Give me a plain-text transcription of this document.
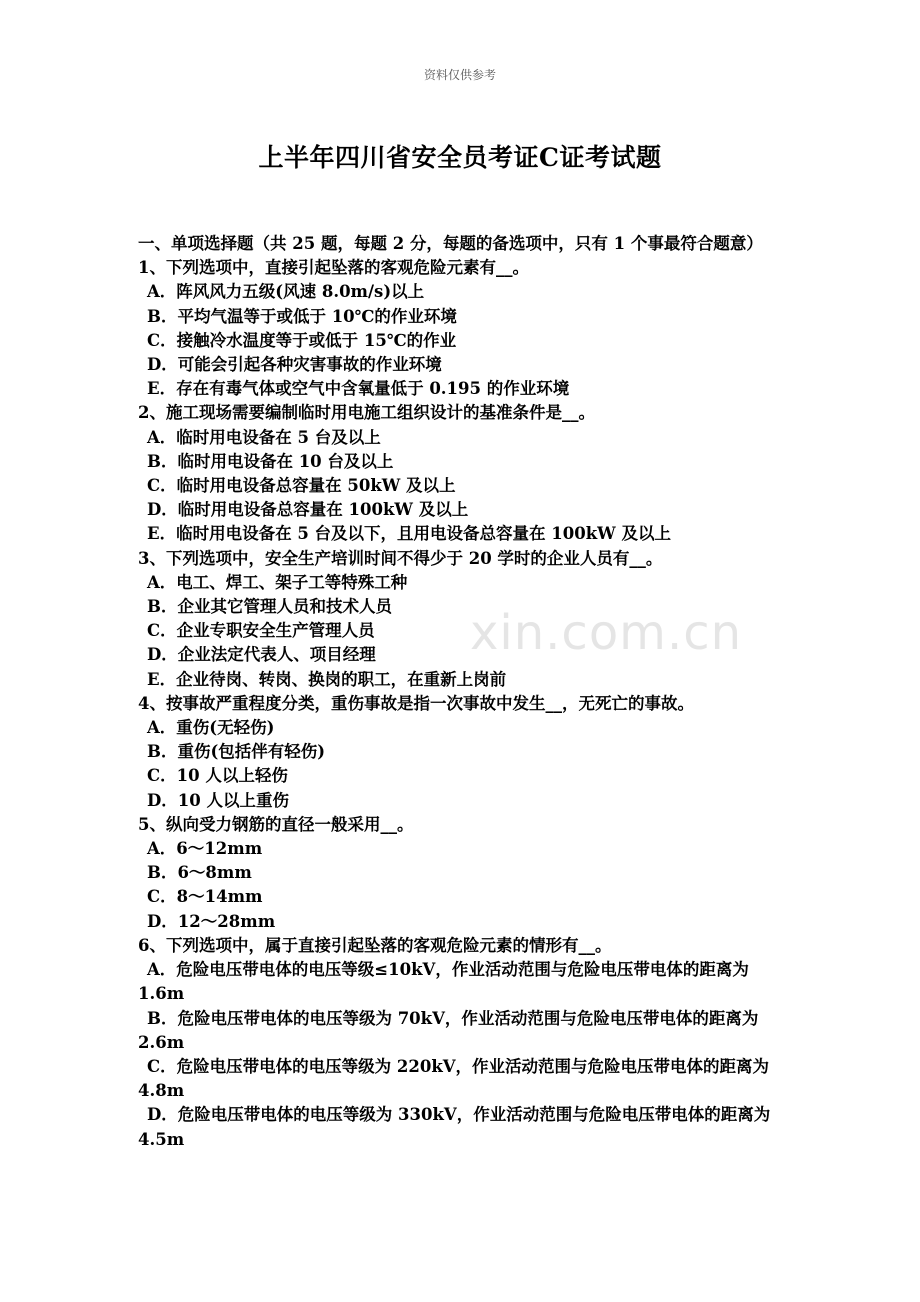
资料仅供参考
上半年四川省安全员考证C证考试题
一、单项选择题（共 25 题，每题 2 分，每题的备选项中，只有 1 个事最符合题意）
1、下列选项中，直接引起坠落的客观危险元素有__。
A．阵风风力五级(风速 8.0m/s)以上
B．平均气温等于或低于 10℃的作业环境
C．接触冷水温度等于或低于 15℃的作业
D．可能会引起各种灾害事故的作业环境
E．存在有毒气体或空气中含氧量低于 0.195 的作业环境
2、施工现场需要编制临时用电施工组织设计的基准条件是__。
A．临时用电设备在 5 台及以上
B．临时用电设备在 10 台及以上
C．临时用电设备总容量在 50kW 及以上
D．临时用电设备总容量在 100kW 及以上
E．临时用电设备在 5 台及以下，且用电设备总容量在 100kW 及以上
3、下列选项中，安全生产培训时间不得少于 20 学时的企业人员有__。
A．电工、焊工、架子工等特殊工种
B．企业其它管理人员和技术人员
C．企业专职安全生产管理人员
D．企业法定代表人、项目经理
E．企业待岗、转岗、换岗的职工，在重新上岗前
4、按事故严重程度分类，重伤事故是指一次事故中发生__，无死亡的事故。
A．重伤(无轻伤)
B．重伤(包括伴有轻伤)
C．10 人以上轻伤
D．10 人以上重伤
5、纵向受力钢筋的直径一般采用__。
A．6～12mm
B．6～8mm
C．8～14mm
D．12～28mm
6、下列选项中，属于直接引起坠落的客观危险元素的情形有__。
A．危险电压带电体的电压等级≤10kV，作业活动范围与危险电压带电体的距离为 1.6m
B．危险电压带电体的电压等级为 70kV，作业活动范围与危险电压带电体的距离为 2.6m
C．危险电压带电体的电压等级为 220kV，作业活动范围与危险电压带电体的距离为 4.8m
D．危险电压带电体的电压等级为 330kV，作业活动范围与危险电压带电体的距离为 4.5m
xin.com.cn
